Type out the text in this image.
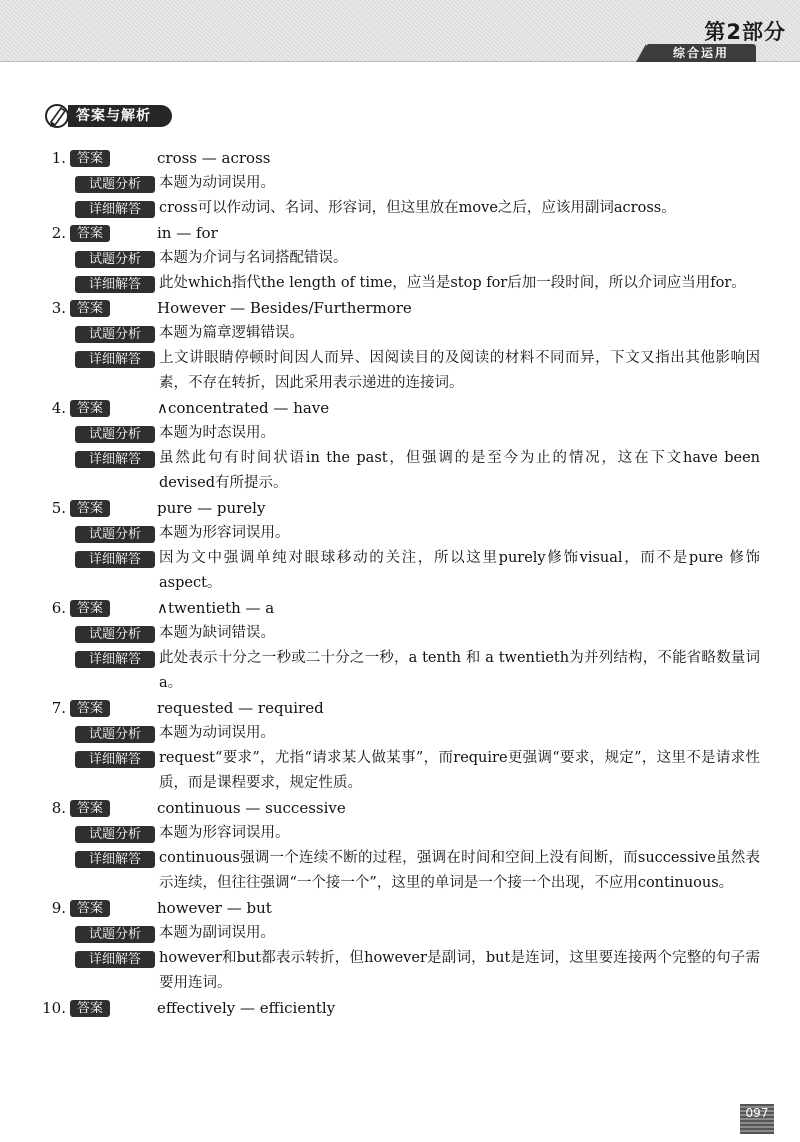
第2部分
综合运用
答案与解析
1. 答案	cross — across
试题分析	本题为动词误用。
详细解答	cross可以作动词、名词、形容词，但这里放在move之后，应该用副词across。
2. 答案	in — for
试题分析	本题为介词与名词搭配错误。
详细解答	此处which指代the length of time，应当是stop for后加一段时间，所以介词应当用for。
3. 答案	However — Besides/Furthermore
试题分析	本题为篇章逻辑错误。
详细解答	上文讲眼睛停顿时间因人而异、因阅读目的及阅读的材料不同而异，下文又指出其他影响因素，不存在转折，因此采用表示递进的连接词。
4. 答案	∧concentrated — have
试题分析	本题为时态误用。
详细解答	虽然此句有时间状语in the past，但强调的是至今为止的情况，这在下文have been devised有所提示。
5. 答案	pure — purely
试题分析	本题为形容词误用。
详细解答	因为文中强调单纯对眼球移动的关注，所以这里purely修饰visual，而不是pure 修饰aspect。
6. 答案	∧twentieth — a
试题分析	本题为缺词错误。
详细解答	此处表示十分之一秒或二十分之一秒，a tenth 和 a twentieth为并列结构，不能省略数量词a。
7. 答案	requested — required
试题分析	本题为动词误用。
详细解答	request“要求”，尤指“请求某人做某事”，而require更强调“要求，规定”，这里不是请求性质，而是课程要求，规定性质。
8. 答案	continuous — successive
试题分析	本题为形容词误用。
详细解答	continuous强调一个连续不断的过程，强调在时间和空间上没有间断，而successive虽然表示连续，但往往强调“一个接一个”，这里的单词是一个接一个出现，不应用continuous。
9. 答案	however — but
试题分析	本题为副词误用。
详细解答	however和but都表示转折，但however是副词，but是连词，这里要连接两个完整的句子需要用连词。
10. 答案	effectively — efficiently
097
